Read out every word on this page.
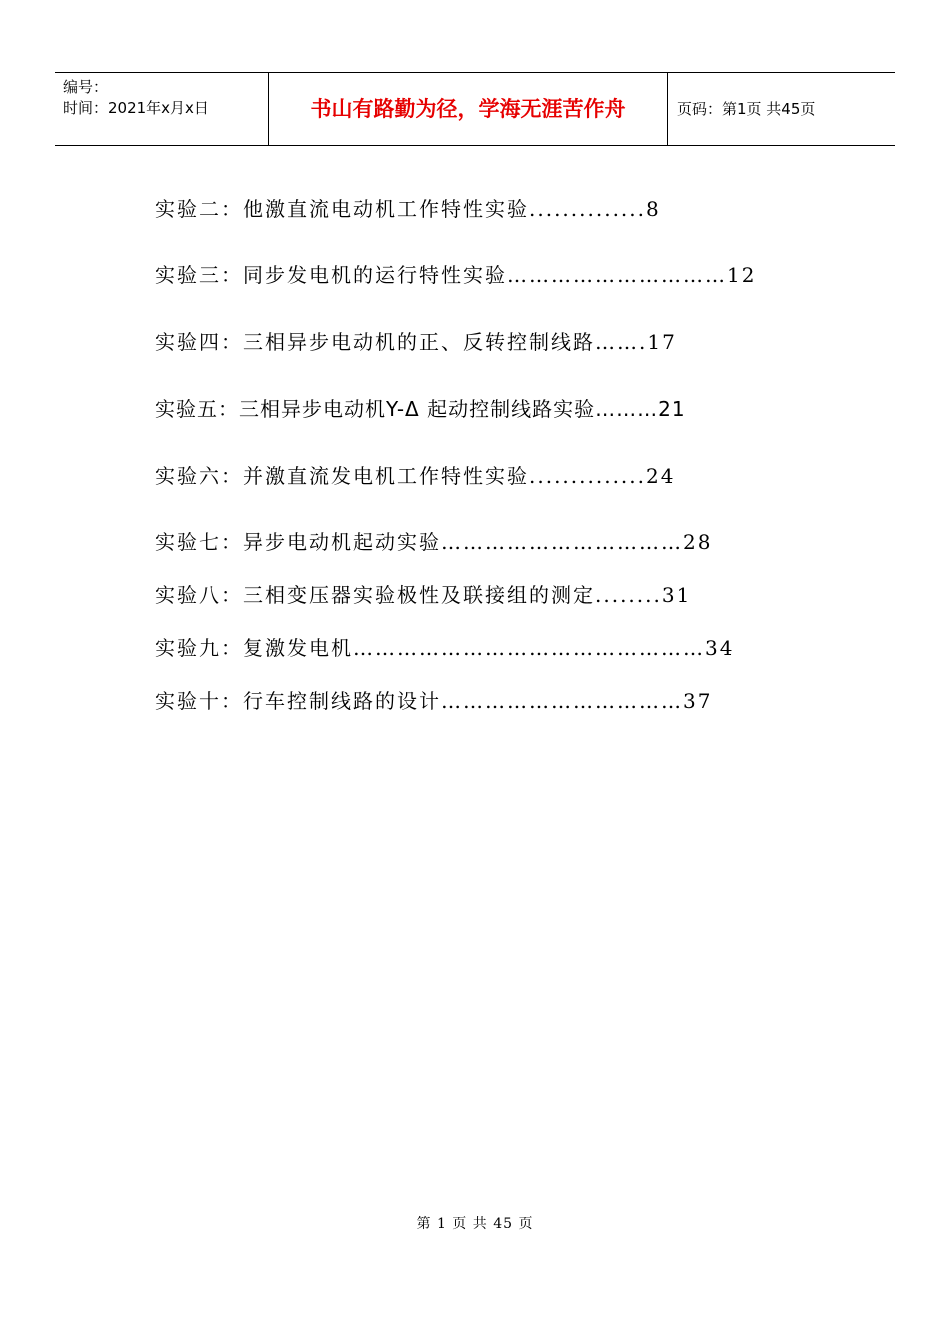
编号：
时间：2021年x月x日	书山有路勤为径，学海无涯苦作舟	页码：第1页 共45页
实验二：他激直流电动机工作特性实验..............8
实验三：同步发电机的运行特性实验…………………………12
实验四：三相异步电动机的正、反转控制线路…….17
实验五：三相异步电动机Y-Δ 起动控制线路实验………21
实验六：并激直流发电机工作特性实验..............24
实验七：异步电动机起动实验……………………………28
实验八：三相变压器实验极性及联接组的测定........31
实验九：复激发电机…………………………………………34
实验十：行车控制线路的设计……………………………37
第 1 页 共 45 页
